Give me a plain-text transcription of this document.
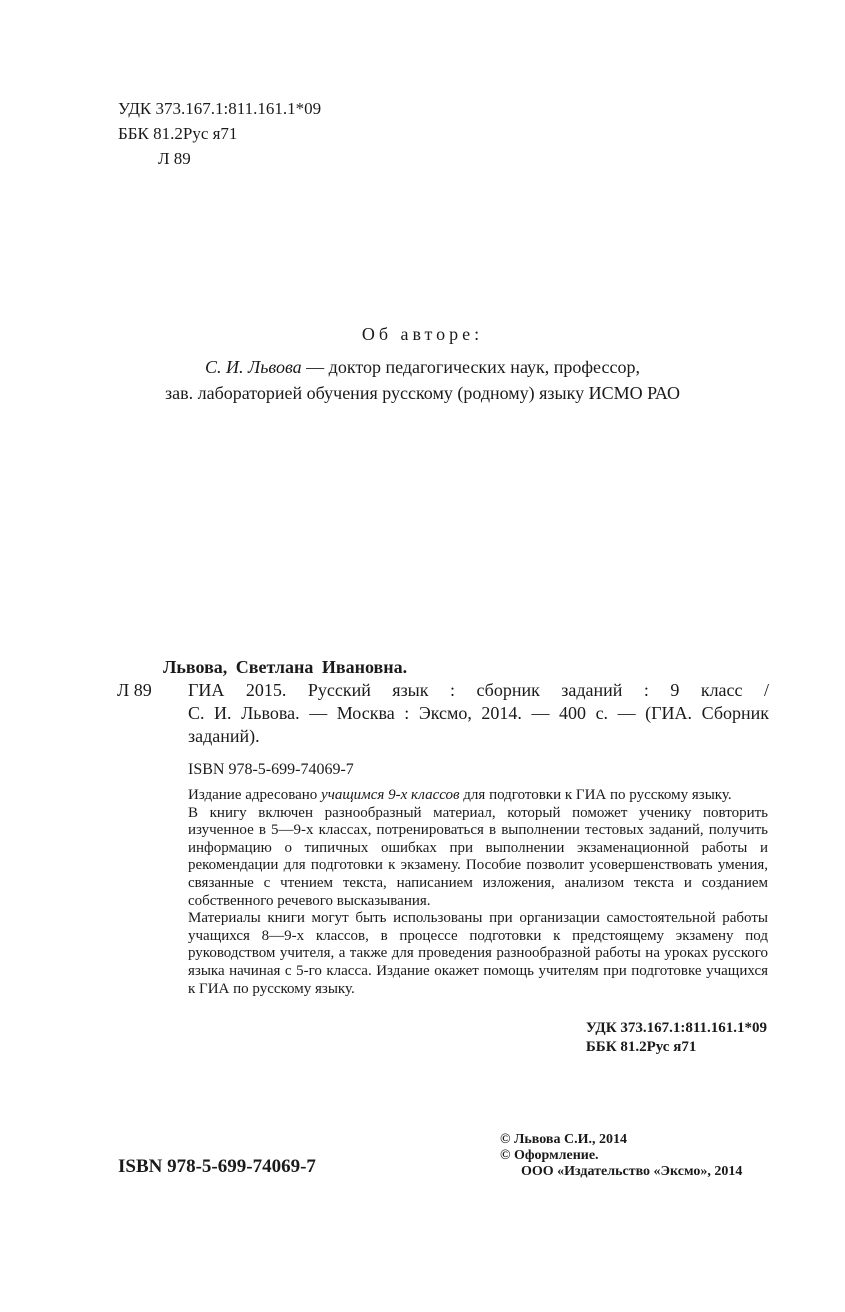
УДК 373.167.1:811.161.1*09
ББК 81.2Рус я71
Л 89
Об авторе:
С. И. Львова — доктор педагогических наук, профессор,
зав. лабораторией обучения русскому (родному) языку ИСМО РАО
Львова, Светлана Ивановна.
Л 89	ГИА 2015. Русский язык : сборник заданий : 9 класс /
С. И. Львова. — Москва : Эксмо, 2014. — 400 с. — (ГИА. Сборник заданий).
ISBN 978-5-699-74069-7

Издание адресовано учащимся 9-х классов для подготовки к ГИА по русскому языку.

В книгу включен разнообразный материал, который поможет ученику повторить изученное в 5—9-х классах, потренироваться в выполнении тестовых заданий, получить информацию о типичных ошибках при выполнении экзаменационной работы и рекомендации для подготовки к экзамену. Пособие позволит усовершенствовать умения, связанные с чтением текста, написанием изложения, анализом текста и созданием собственного речевого высказывания.

Материалы книги могут быть использованы при организации самостоятельной работы учащихся 8—9-х классов, в процессе подготовки к предстоящему экзамену под руководством учителя, а также для проведения разнообразной работы на уроках русского языка начиная с 5-го класса. Издание окажет помощь учителям при подготовке учащихся к ГИА по русскому языку.

УДК 373.167.1:811.161.1*09
ББК 81.2Рус я71
ISBN 978-5-699-74069-7
© Львова С.И., 2014
© Оформление.
ООО «Издательство «Эксмо», 2014
